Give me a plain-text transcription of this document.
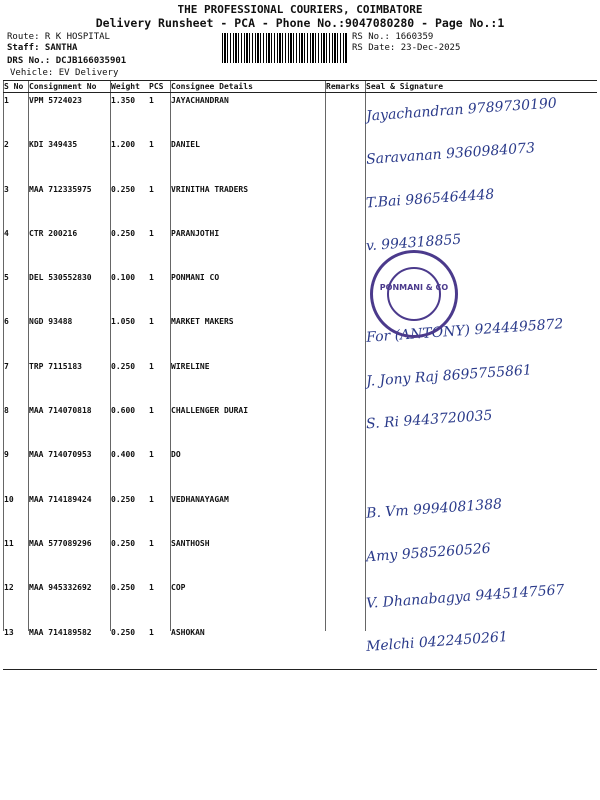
THE PROFESSIONAL COURIERS, COIMBATORE
Delivery Runsheet - PCA - Phone No.:9047080280 - Page No.:1
Route: R K HOSPITAL
Staff: SANTHA
DRS No.: DCJB166035901
Vehicle: EV Delivery
RS No.: 1660359
RS Date: 23-Dec-2025
S No	Consignment No	Weight	PCS	Consignee Details	Remarks	Seal & Signature
1	VPM 5724023	1.350	1	JAYACHANDRAN		Jayachandran 9789730190
2	KDI 349435	1.200	1	DANIEL		Saravanan 9360984073
3	MAA 712335975	0.250	1	VRINITHA TRADERS		T.Bai 9865464448
4	CTR 200216	0.250	1	PARANJOTHI		v. 994318855
5	DEL 530552830	0.100	1	PONMANI CO		
6	NGD 93488	1.050	1	MARKET MAKERS		For (ANTONY) 9244495872
7	TRP 7115183	0.250	1	WIRELINE		J. Jony Raj 8695755861
8	MAA 714070818	0.600	1	CHALLENGER DURAI		S. Ri 9443720035
9	MAA 714070953	0.400	1	DO		
10	MAA 714189424	0.250	1	VEDHANAYAGAM		B. Vm 9994081388
11	MAA 577089296	0.250	1	SANTHOSH		Amy 9585260526
12	MAA 945332692	0.250	1	COP		V. Dhanabagya 9445147567
13	MAA 714189582	0.250	1	ASHOKAN		Melchi 0422450261
PONMANI & CO
